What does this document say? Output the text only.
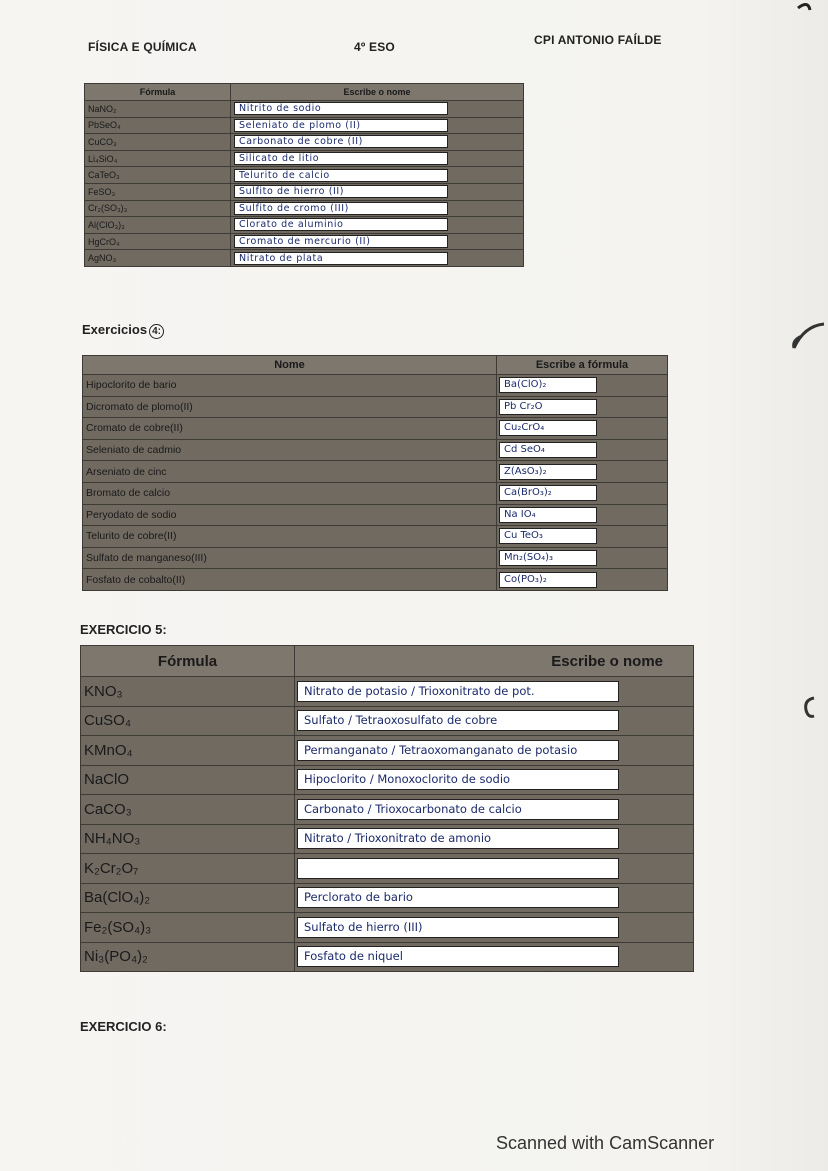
FÍSICA E QUÍMICA	4º ESO	CPI ANTONIO FAÍLDE
Fórmula	Escribe o nome
NaNO₂	Nitrito de sodio

PbSeO₄	Seleniato de plomo (II)

CuCO₃	Carbonato de cobre (II)

Li₄SiO₄	Silicato de litio

CaTeO₃	Telurito de calcio

FeSO₃	Sulfito de hierro (II)

Cr₂(SO₃)₃	Sulfito de cromo (III)

Al(ClO₃)₃	Clorato de aluminio

HgCrO₄	Cromato de mercurio (II)

AgNO₃	Nitrato de plata
Exercicios 4:
Nome	Escribe a fórmula
Hipoclorito de bario	Ba(ClO)₂

Dicromato de plomo(II)	Pb Cr₂O

Cromato de cobre(II)	Cu₂CrO₄

Seleniato de cadmio	Cd SeO₄

Arseniato de cinc	Z(AsO₃)₂

Bromato de calcio	Ca(BrO₃)₂

Peryodato de sodio	Na IO₄

Telurito de cobre(II)	Cu TeO₃

Sulfato de manganeso(III)	Mn₂(SO₄)₃

Fosfato de cobalto(II)	Co(PO₃)₂
EXERCICIO 5:
Fórmula	Escribe o nome
KNO₃	Nitrato de potasio / Trioxonitrato de pot.

CuSO₄	Sulfato / Tetraoxosulfato de cobre

KMnO₄	Permanganato / Tetraoxomanganato de potasio

NaClO	Hipoclorito / Monoxoclorito de sodio

CaCO₃	Carbonato / Trioxocarbonato de calcio

NH₄NO₃	Nitrato / Trioxonitrato de amonio

K₂Cr₂O₇	

Ba(ClO₄)₂	Perclorato de bario

Fe₂(SO₄)₃	Sulfato de hierro (III)

Ni₃(PO₄)₂	Fosfato de niquel
EXERCICIO 6:
Scanned with CamScanner
